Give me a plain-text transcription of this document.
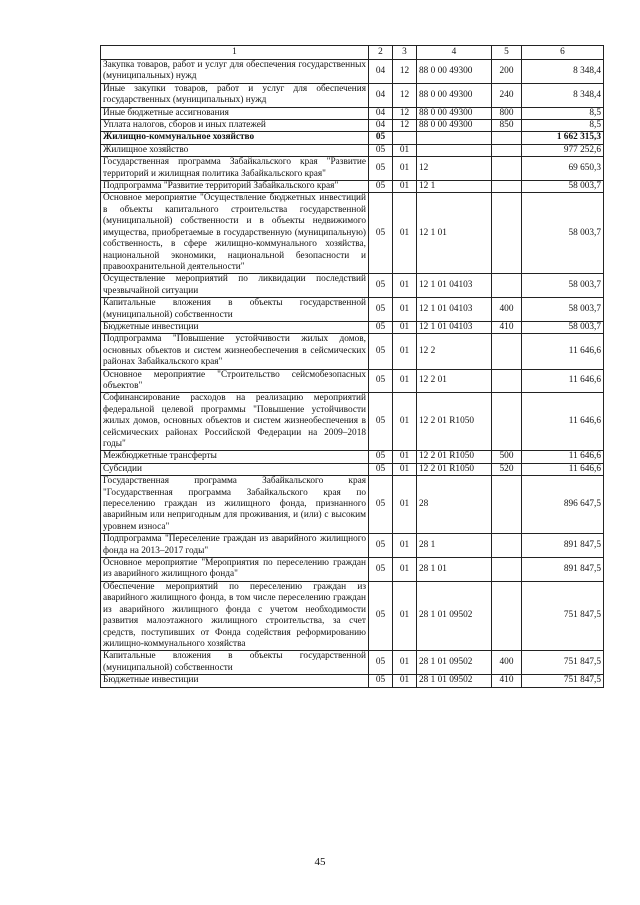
1	2	3	4	5	6
Закупка товаров, работ и услуг для обеспечения государственных (муниципальных) нужд	04	12	88 0 00 49300	200	8 348,4
Иные закупки товаров, работ и услуг для обеспечения государственных (муниципальных) нужд	04	12	88 0 00 49300	240	8 348,4
Иные бюджетные ассигнования	04	12	88 0 00 49300	800	8,5
Уплата налогов, сборов и иных платежей	04	12	88 0 00 49300	850	8,5
Жилищно-коммунальное хозяйство	05				1 662 315,3
Жилищное хозяйство	05	01			977 252,6
Государственная программа Забайкальского края "Развитие территорий и жилищная политика Забайкальского края"	05	01	12		69 650,3
Подпрограмма "Развитие территорий Забайкальского края"	05	01	12 1		58 003,7
Основное мероприятие "Осуществление бюджетных инвестиций в объекты капитального строительства государственной (муниципальной) собственности и в объекты недвижимого имущества, приобретаемые в государственную (муниципальную) собственность, в сфере жилищно-коммунального хозяйства, национальной экономики, национальной безопасности и правоохранительной деятельности"	05	01	12 1 01		58 003,7
Осуществление мероприятий по ликвидации последствий чрезвычайной ситуации	05	01	12 1 01 04103		58 003,7
Капитальные вложения в объекты государственной (муниципальной) собственности	05	01	12 1 01 04103	400	58 003,7
Бюджетные инвестиции	05	01	12 1 01 04103	410	58 003,7
Подпрограмма "Повышение устойчивости жилых домов, основных объектов и систем жизнеобеспечения в сейсмических районах Забайкальского края"	05	01	12 2		11 646,6
Основное мероприятие "Строительство сейсмобезопасных объектов"	05	01	12 2 01		11 646,6
Софинансирование расходов на реализацию мероприятий федеральной целевой программы "Повышение устойчивости жилых домов, основных объектов и систем жизнеобеспечения в сейсмических районах Российской Федерации на 2009–2018 годы"	05	01	12 2 01 R1050		11 646,6
Межбюджетные трансферты	05	01	12 2 01 R1050	500	11 646,6
Субсидии	05	01	12 2 01 R1050	520	11 646,6
Государственная программа Забайкальского края "Государственная программа Забайкальского края по переселению граждан из жилищного фонда, признанного аварийным или непригодным для проживания, и (или) с высоким уровнем износа"	05	01	28		896 647,5
Подпрограмма "Переселение граждан из аварийного жилищного фонда на 2013–2017 годы"	05	01	28 1		891 847,5
Основное мероприятие "Мероприятия по переселению граждан из аварийного жилищного фонда"	05	01	28 1 01		891 847,5
Обеспечение мероприятий по переселению граждан из аварийного жилищного фонда, в том числе переселению граждан из аварийного жилищного фонда с учетом необходимости развития малоэтажного жилищного строительства, за счет средств, поступивших от Фонда содействия реформированию жилищно-коммунального хозяйства	05	01	28 1 01 09502		751 847,5
Капитальные вложения в объекты государственной (муниципальной) собственности	05	01	28 1 01 09502	400	751 847,5
Бюджетные инвестиции	05	01	28 1 01 09502	410	751 847,5
45
